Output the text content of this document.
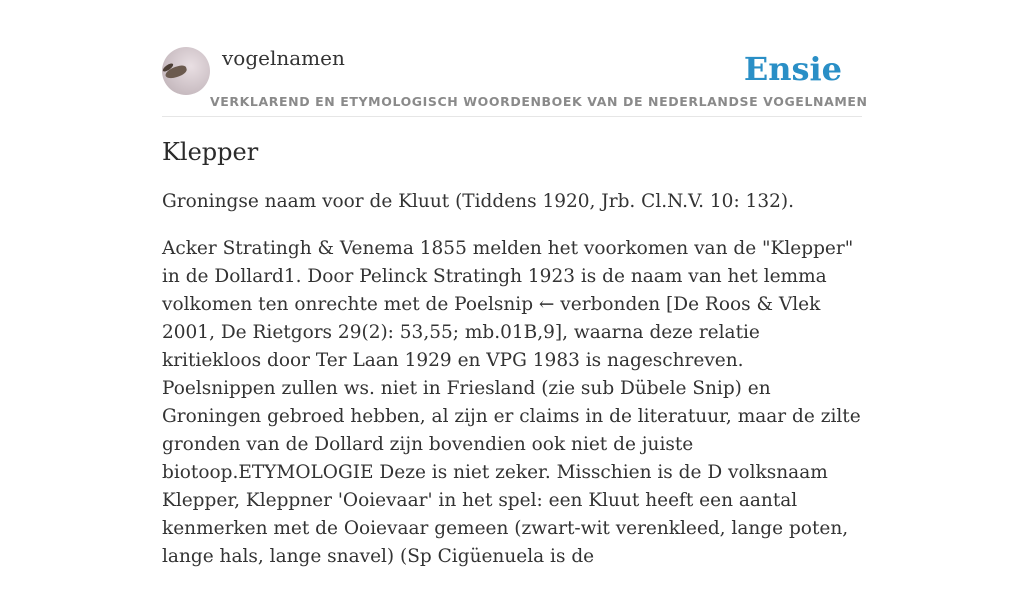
vogelnamen	Ensie
VERKLAREND EN ETYMOLOGISCH WOORDENBOEK VAN DE NEDERLANDSE VOGELNAMEN
Klepper

Groningse naam voor de Kluut (Tiddens 1920, Jrb. Cl.N.V. 10: 132).

Acker Stratingh & Venema 1855 melden het voorkomen van de "Klepper" in de Dollard1. Door Pelinck Stratingh 1923 is de naam van het lemma volkomen ten onrechte met de Poelsnip ← verbonden [De Roos & Vlek 2001, De Rietgors 29(2): 53,55; mb.01B,9], waarna deze relatie kritiekloos door Ter Laan 1929 en VPG 1983 is nageschreven. Poelsnippen zullen ws. niet in Friesland (zie sub Dübele Snip) en Groningen gebroed hebben, al zijn er claims in de literatuur, maar de zilte gronden van de Dollard zijn bovendien ook niet de juiste biotoop.ETYMOLOGIE Deze is niet zeker. Misschien is de D volksnaam Klepper, Kleppner 'Ooievaar' in het spel: een Kluut heeft een aantal kenmerken met de Ooievaar gemeen (zwart-wit verenkleed, lange poten, lange hals, lange snavel) (Sp Cigüenuela is de
